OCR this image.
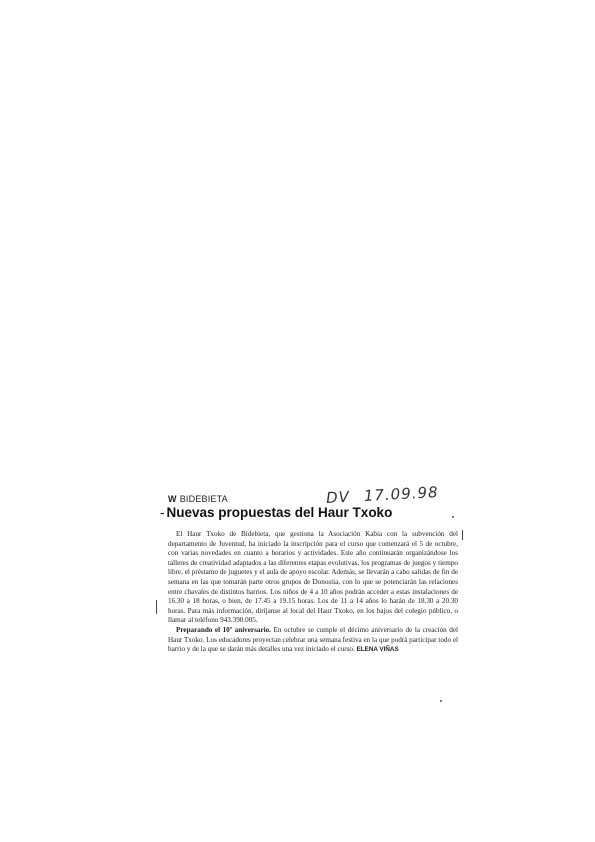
W BIDEBIETA	DV 17.09.98
- Nuevas propuestas del Haur Txoko

El Haur Txoko de Bidebieta, que gestiona la Asociación Kabia con la subvención del departamento de Juventud, ha iniciado la inscripción para el curso que comenzará el 5 de octubre, con varias novedades en cuanto a horarios y actividades. Este año continuarán organizándose los talleres de creatividad adaptados a las diferentes etapas evolutivas, los programas de juegos y tiempo libre, el préstamo de juguetes y el aula de apoyo escolar. Además, se llevarán a cabo salidas de fin de semana en las que tomarán parte otros grupos de Donostia, con lo que se potenciarán las relaciones entre chavales de distintos barrios. Los niños de 4 a 10 años podrán acceder a estas instalaciones de 16.30 a 18 horas, o bien, de 17.45 a 19.15 horas. Los de 11 a 14 años lo harán de 18.30 a 20.30 horas. Para más información, diríjanse al local del Haur Txoko, en los bajos del colegio público, o llamar al teléfono 943.390.005.

Preparando el 10º aniversario. En octubre se cumple el décimo aniversario de la creación del Haur Txoko. Los educadores proyectan celebrar una semana festiva en la que podrá participar todo el barrio y de la que se darán más detalles una vez iniciado el curso. ELENA VIÑAS
